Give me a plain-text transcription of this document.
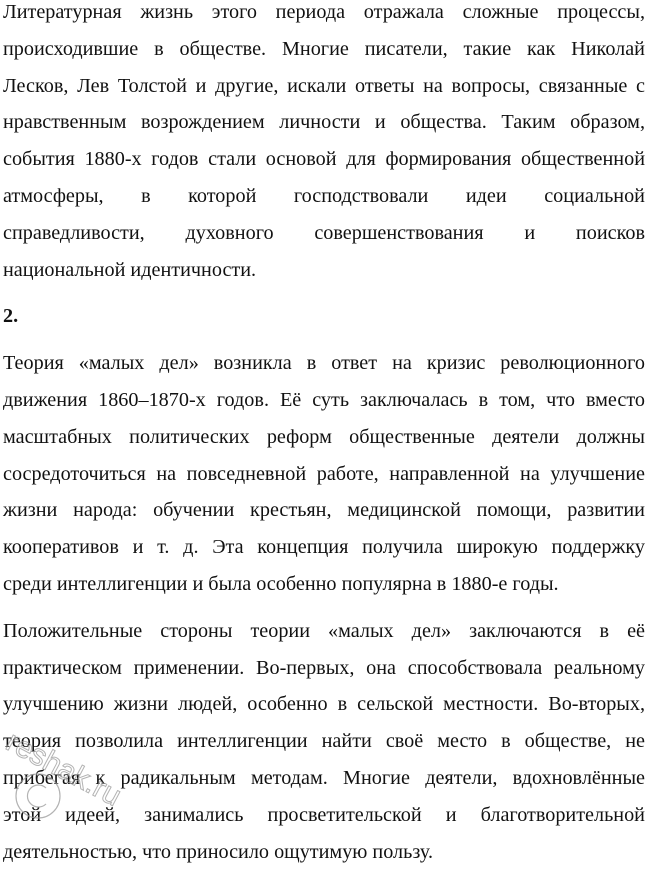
Литературная жизнь этого периода отражала сложные процессы,
происходившие в обществе. Многие писатели, такие как Николай
Лесков, Лев Толстой и другие, искали ответы на вопросы, связанные с
нравственным возрождением личности и общества. Таким образом,
события 1880-х годов стали основой для формирования общественной
атмосферы, в которой господствовали идеи социальной
справедливости, духовного совершенствования и поисков
национальной идентичности.
2.
Теория «малых дел» возникла в ответ на кризис революционного
движения 1860–1870-х годов. Её суть заключалась в том, что вместо
масштабных политических реформ общественные деятели должны
сосредоточиться на повседневной работе, направленной на улучшение
жизни народа: обучении крестьян, медицинской помощи, развитии
кооперативов и т. д. Эта концепция получила широкую поддержку
среди интеллигенции и была особенно популярна в 1880-е годы.
Положительные стороны теории «малых дел» заключаются в её
практическом применении. Во-первых, она способствовала реальному
улучшению жизни людей, особенно в сельской местности. Во-вторых,
теория позволила интеллигенции найти своё место в обществе, не
прибегая к радикальным методам. Многие деятели, вдохновлённые
этой идеей, занимались просветительской и благотворительной
деятельностью, что приносило ощутимую пользу.
reshak.ru
